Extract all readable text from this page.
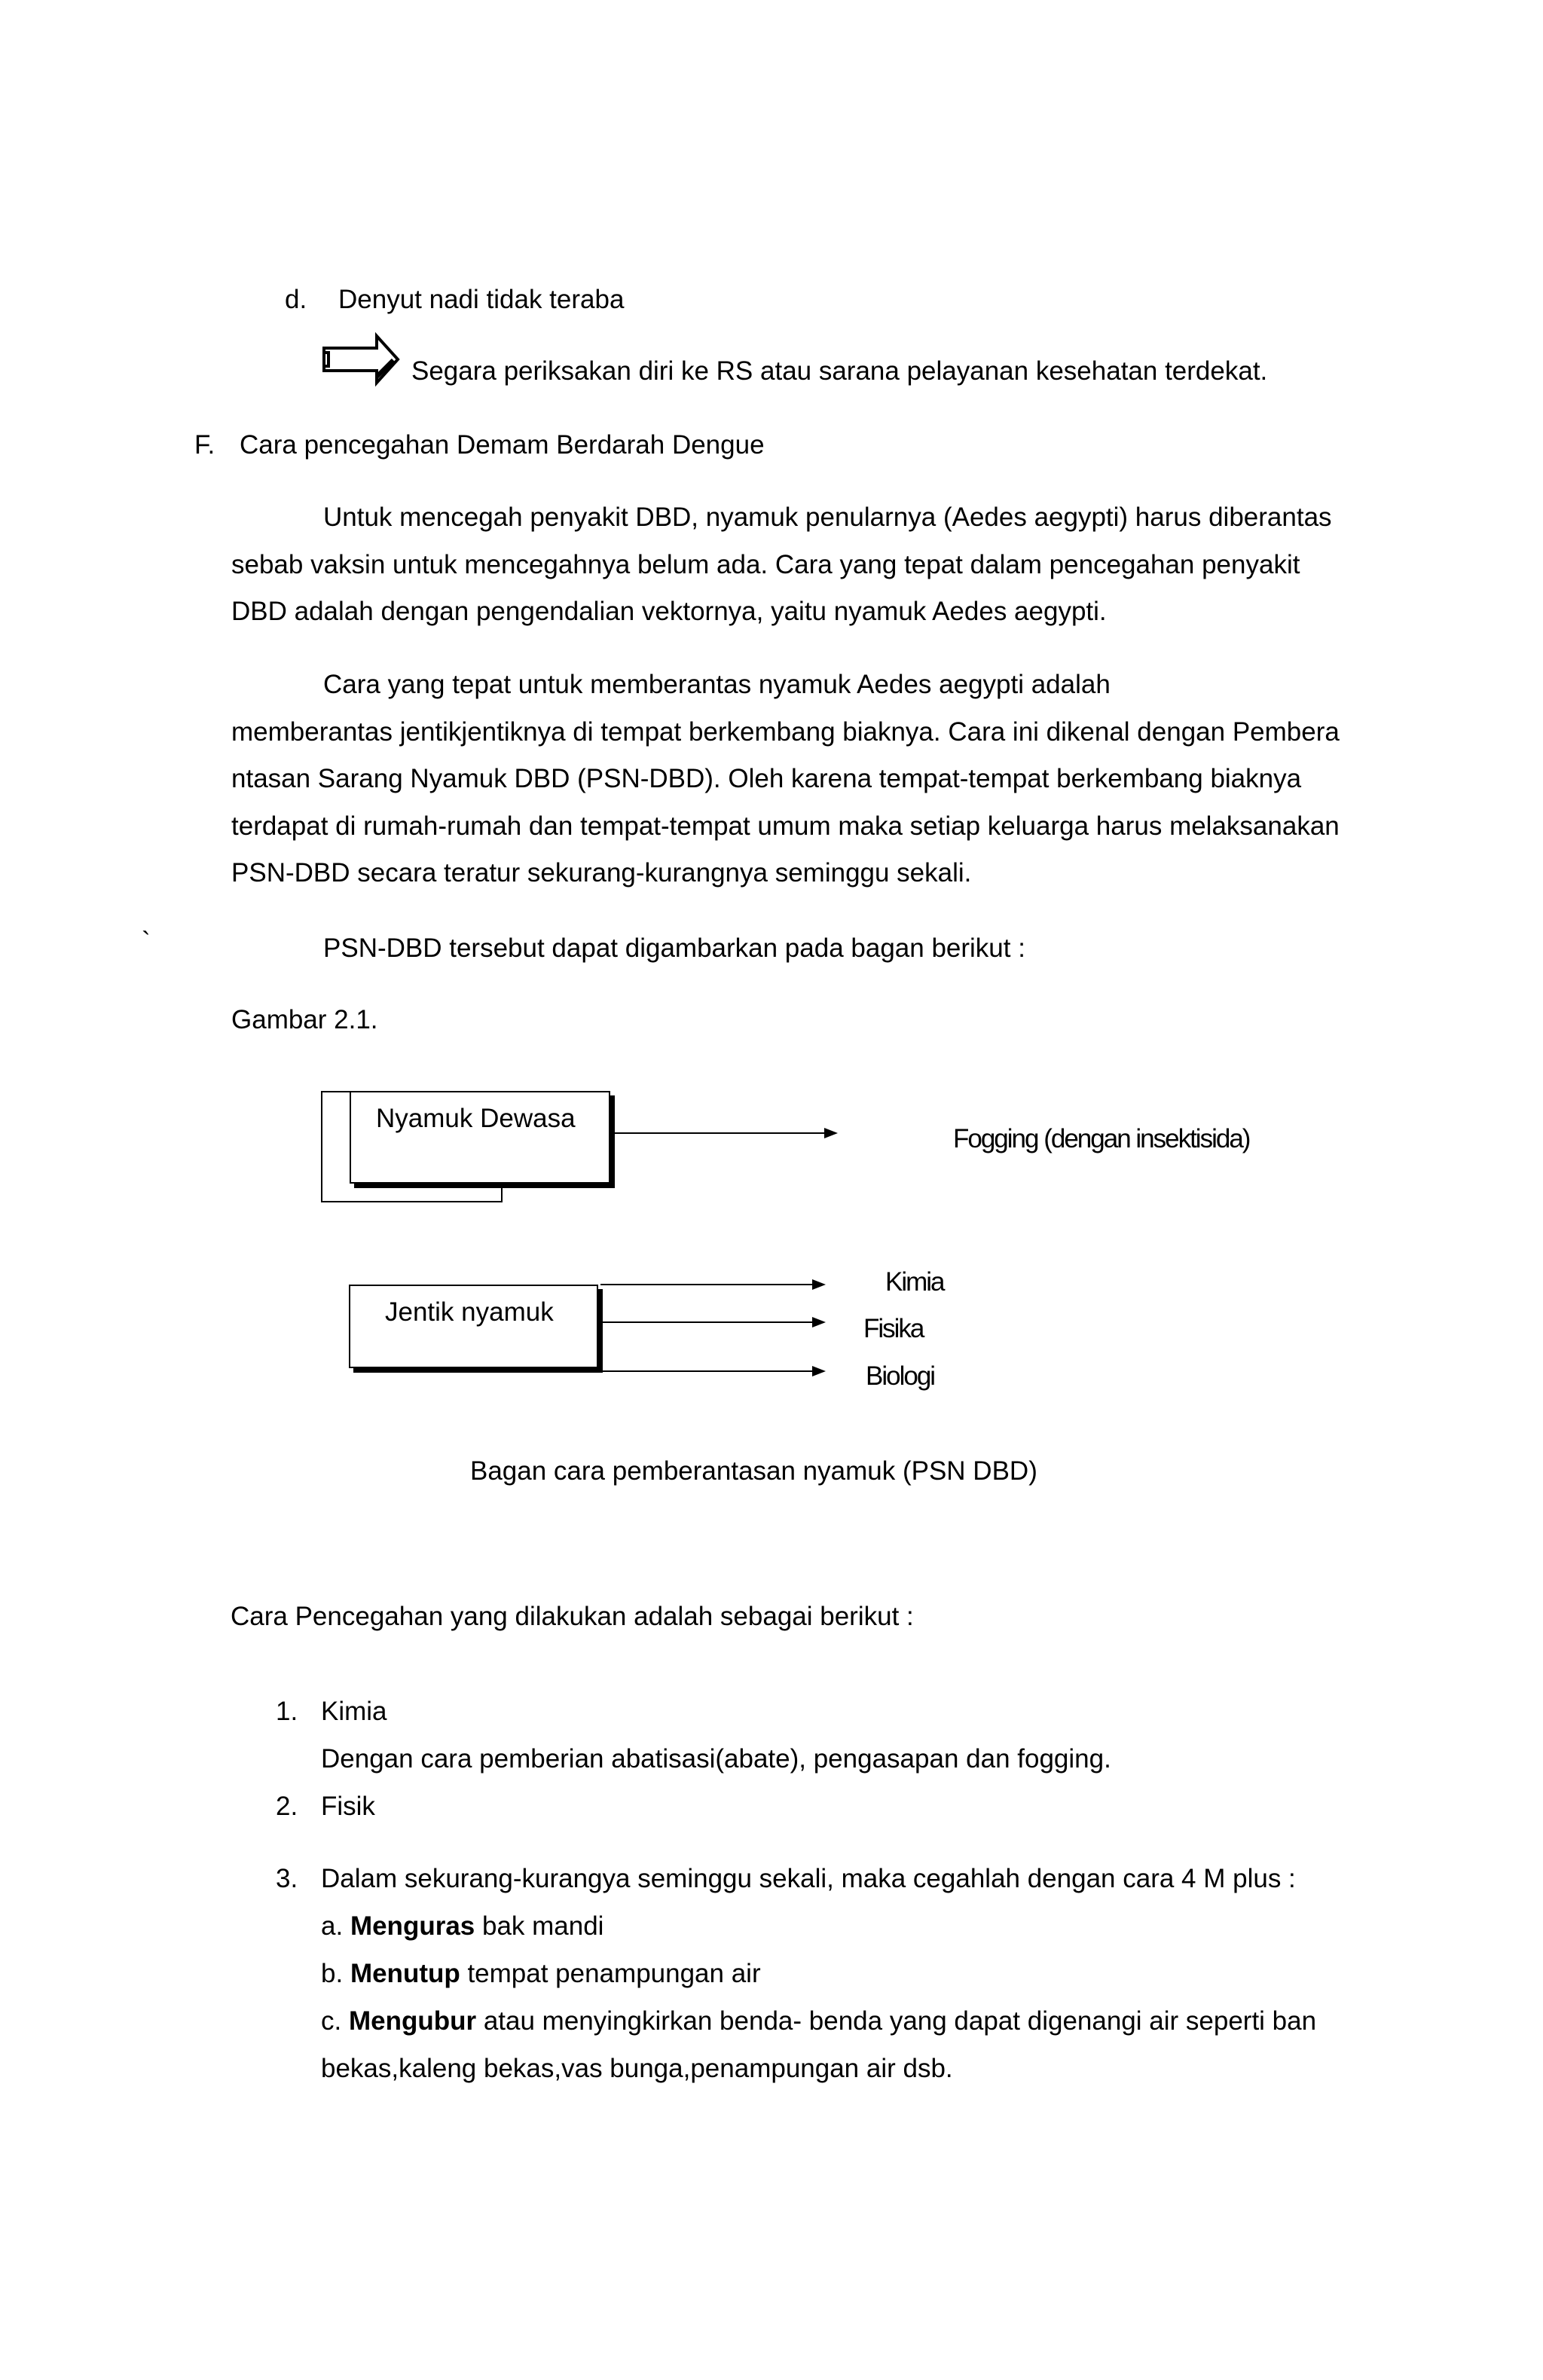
d. Denyut nadi tidak teraba

Segara periksakan diri ke RS atau sarana pelayanan kesehatan terdekat.

F. Cara pencegahan Demam Berdarah Dengue

Untuk mencegah penyakit DBD, nyamuk penularnya (Aedes aegypti) harus diberantas
sebab vaksin untuk mencegahnya belum ada. Cara yang tepat dalam pencegahan penyakit
DBD adalah dengan pengendalian vektornya, yaitu nyamuk Aedes aegypti.
Cara yang tepat untuk memberantas nyamuk Aedes aegypti adalah
memberantas jentikjentiknya di tempat berkembang biaknya. Cara ini dikenal dengan Pembera
ntasan Sarang Nyamuk DBD (PSN-DBD). Oleh karena tempat-tempat berkembang biaknya
terdapat di rumah-rumah dan tempat-tempat umum maka setiap keluarga harus melaksanakan
PSN-DBD secara teratur sekurang-kurangnya seminggu sekali.

`	PSN-DBD tersebut dapat digambarkan pada bagan berikut :

Gambar 2.1.

Nyamuk Dewasa

Fogging (dengan insektisida)

Jentik nyamuk

Kimia

Fisika

Biologi

Bagan cara pemberantasan nyamuk (PSN DBD)

Cara Pencegahan yang dilakukan adalah sebagai berikut :

1. Kimia

Dengan cara pemberian abatisasi(abate), pengasapan dan fogging.

2. Fisik

3. Dalam sekurang-kurangya seminggu sekali, maka cegahlah dengan cara 4 M plus :

a. Menguras bak mandi

b. Menutup tempat penampungan air

c. Mengubur atau menyingkirkan benda- benda yang dapat digenangi air seperti ban

bekas,kaleng bekas,vas bunga,penampungan air dsb.
